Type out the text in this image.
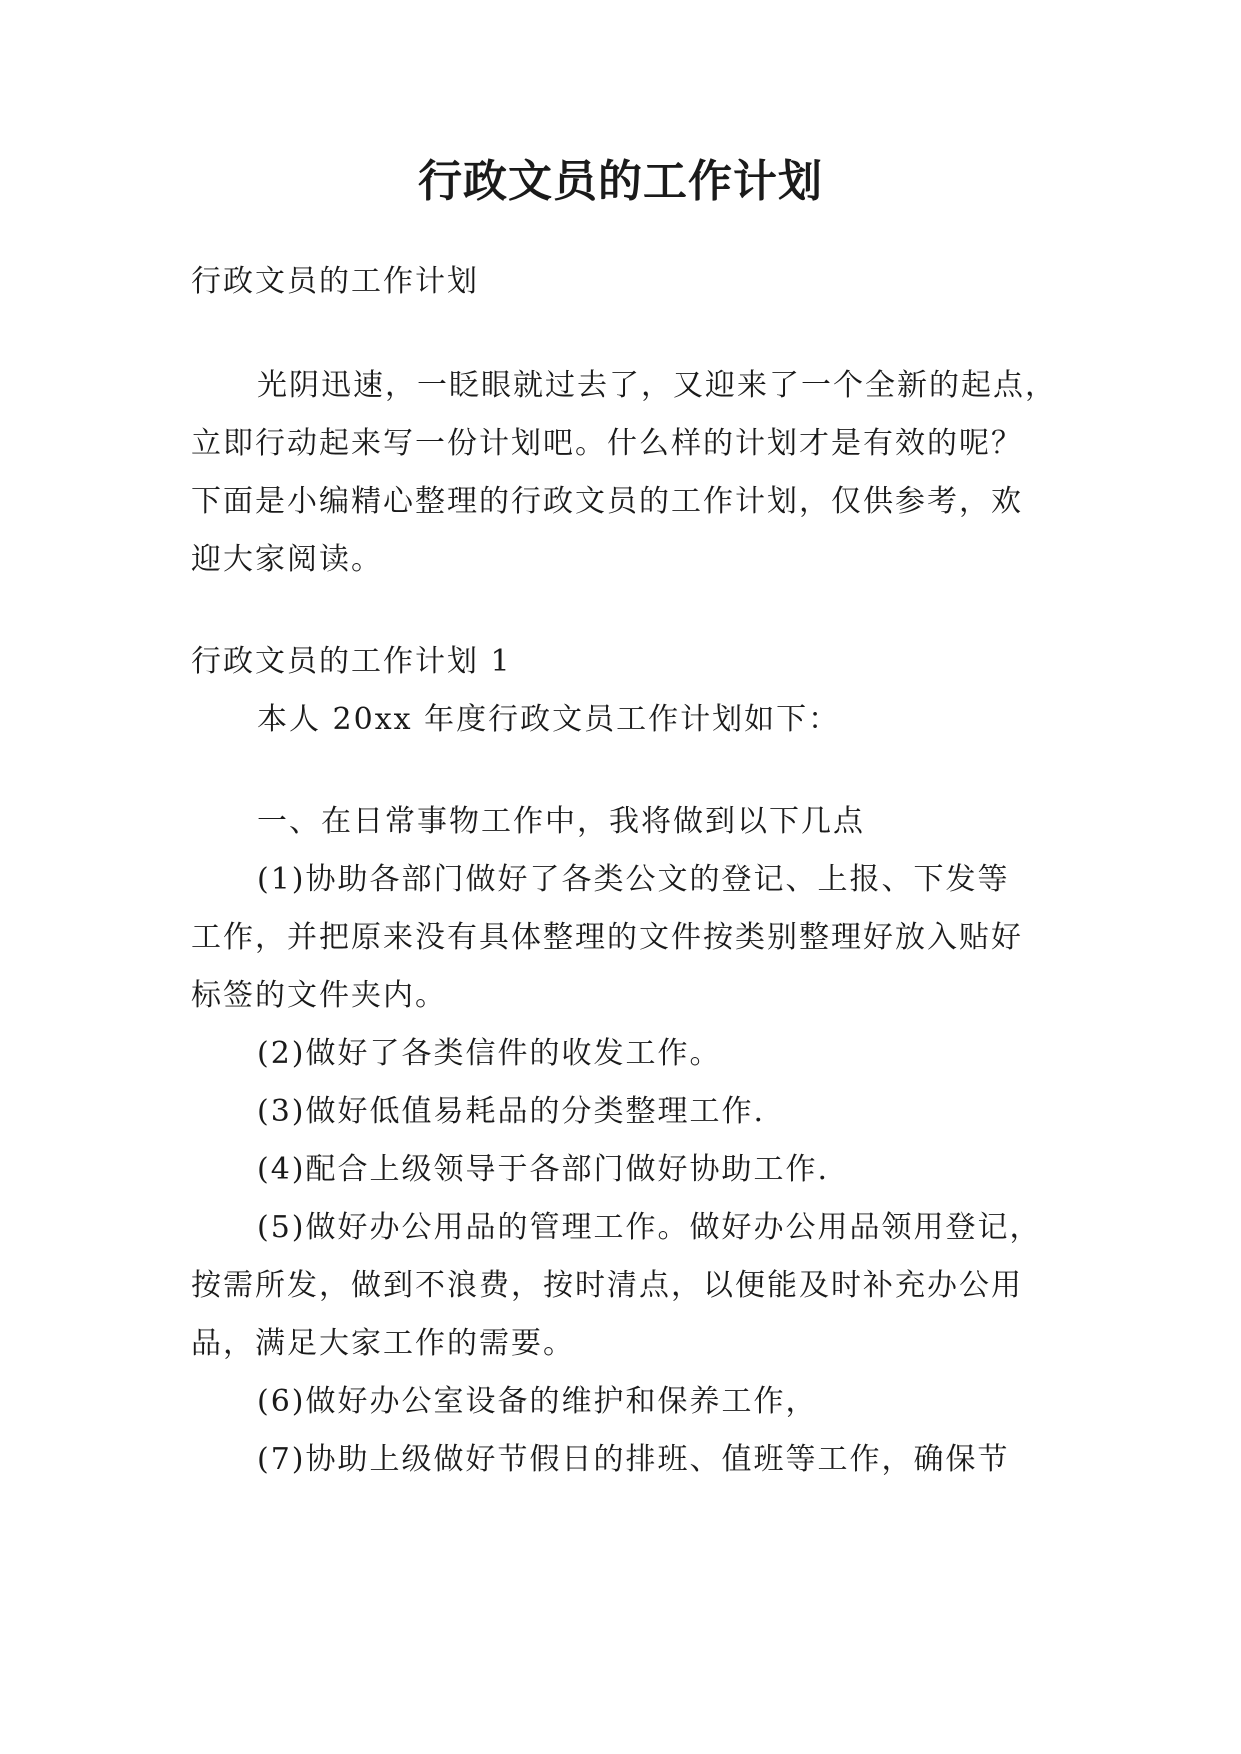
行政文员的工作计划
行政文员的工作计划
光阴迅速，一眨眼就过去了，又迎来了一个全新的起点，
立即行动起来写一份计划吧。什么样的计划才是有效的呢？
下面是小编精心整理的行政文员的工作计划，仅供参考，欢
迎大家阅读。
行政文员的工作计划 1
本人 20xx 年度行政文员工作计划如下：
一、在日常事物工作中，我将做到以下几点
(1)协助各部门做好了各类公文的登记、上报、下发等
工作，并把原来没有具体整理的文件按类别整理好放入贴好
标签的文件夹内。
(2)做好了各类信件的收发工作。
(3)做好低值易耗品的分类整理工作.
(4)配合上级领导于各部门做好协助工作.
(5)做好办公用品的管理工作。做好办公用品领用登记，
按需所发，做到不浪费，按时清点，以便能及时补充办公用
品，满足大家工作的需要。
(6)做好办公室设备的维护和保养工作，
(7)协助上级做好节假日的排班、值班等工作，确保节
